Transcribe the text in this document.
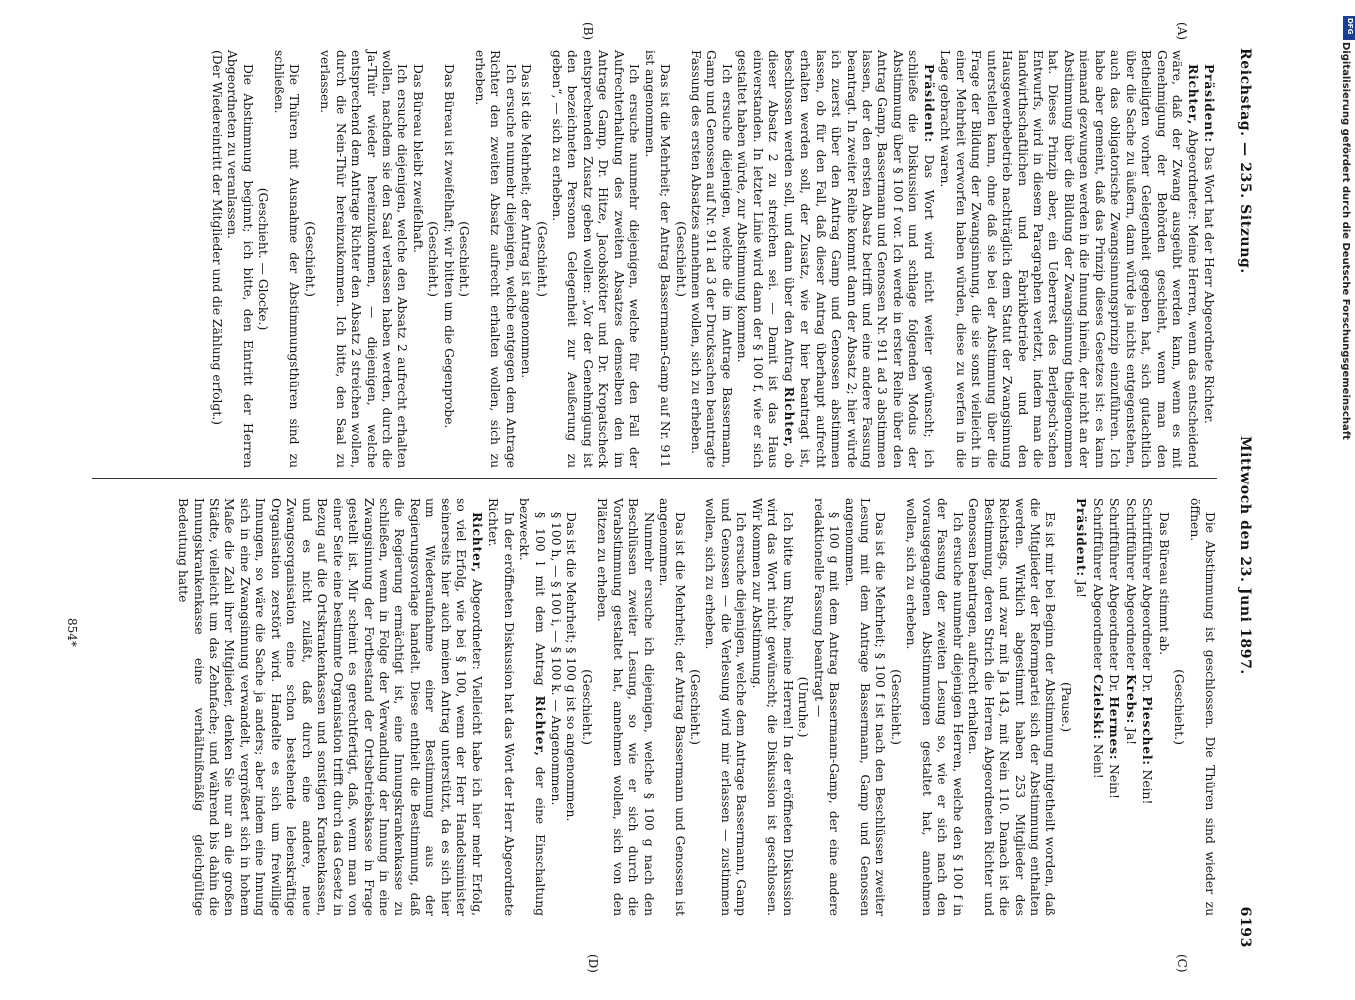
Reichstag. — 235. Sitzung.
Mittwoch den 23. Juni 1897.
6193
(A)
(B)
(C)
(D)

Präsident: Das Wort hat der Herr Abgeordnete Richter.

Richter, Abgeordneter: Meine Herren, wenn das entscheidend wäre, daß der Zwang ausgeübt werden kann, wenn es mit Genehmigung der Behörden geschieht, wenn man den Betheiligten vorher Gelegenheit gegeben hat, sich gutachtlich über die Sache zu äußern, dann würde ja nichts entgegenstehen, auch das obligatorische Zwangsinnungsprinzip einzuführen. Ich habe aber gemeint, daß das Prinzip dieses Gesetzes ist: es kann niemand gezwungen werden in die Innung hinein, der nicht an der Abstimmung über die Bildung der Zwangsinnung theilgenommen hat. Dieses Prinzip aber, ein Ueberrest des Berlepsch'schen Entwurfs, wird in diesem Paragraphen verletzt, indem man die landwirthschaftlichen und Fabrikbetriebe und den Hausgewerbebetrieb nachträglich dem Statut der Zwangsinnung unterstellen kann, ohne daß sie bei der Abstimmung über die Frage der Bildung der Zwangsinnung, die sie sonst vielleicht in einer Mehrheit verworfen haben würden, diese zu werfen in die Lage gebracht waren.

Präsident: Das Wort wird nicht weiter gewünscht; ich schließe die Diskussion und schlage folgenden Modus der Abstimmung über § 100 f vor. Ich werde in erster Reihe über den Antrag Gamp, Bassermann und Genossen Nr. 911 ad 3 abstimmen lassen, der den ersten Absatz betrifft und eine andere Fassung beantragt. In zweiter Reihe kommt dann der Absatz 2; hier würde ich zuerst über den Antrag Gamp und Genossen abstimmen lassen, ob für den Fall, daß dieser Antrag überhaupt aufrecht erhalten werden soll, der Zusatz, wie er hier beantragt ist, beschlossen werden soll, und dann über den Antrag Richter, ob dieser Absatz 2 zu streichen sei. — Damit ist das Haus einverstanden. In letzter Linie wird dann der § 100 f, wie er sich gestaltet haben würde, zur Abstimmung kommen.

Ich ersuche diejenigen, welche die im Antrage Bassermann, Gamp und Genossen auf Nr. 911 ad 3 der Drucksachen beantragte Fassung des ersten Absatzes annehmen wollen, sich zu erheben.

(Geschieht.)

Das ist die Mehrheit; der Antrag Bassermann-Gamp auf Nr. 911 ist angenommen.

Ich ersuche nunmehr diejenigen, welche für den Fall der Aufrechterhaltung des zweiten Absatzes demselben den im Antrage Gamp, Dr. Hitze, Jacobskötter und Dr. Kropatscheck entsprechenden Zusatz geben wollen: „Vor der Genehmigung ist den bezeichneten Personen Gelegenheit zur Aeußerung zu geben“, — sich zu erheben.

(Geschieht.)

Das ist die Mehrheit; der Antrag ist angenommen.

Ich ersuche nunmehr diejenigen, welche entgegen dem Antrage Richter den zweiten Absatz aufrecht erhalten wollen, sich zu erheben.

(Geschieht.)

Das Büreau ist zweifelhaft; wir bitten um die Gegenprobe.

(Geschieht.)

Das Büreau bleibt zweifelhaft.

Ich ersuche diejenigen, welche den Absatz 2 aufrecht erhalten wollen, nachdem sie den Saal verlassen haben werden, durch die Ja-Thür wieder hereinzukommen, — diejenigen, welche entsprechend dem Antrage Richter den Absatz 2 streichen wollen, durch die Nein-Thür hereinzukommen. Ich bitte, den Saal zu verlassen.

(Geschieht.)

Die Thüren mit Ausnahme der Abstimmungsthüren sind zu schließen.

(Geschieht. — Glocke.)

Die Abstimmung beginnt; ich bitte, den Eintritt der Herren Abgeordneten zu veranlassen.

(Der Wiedereintritt der Mitglieder und die Zählung erfolgt.)

Die Abstimmung ist geschlossen. Die Thüren sind wieder zu öffnen.

(Geschieht.)

Das Büreau stimmt ab.

Schriftführer Abgeordneter Dr. Pieschel: Nein!

Schriftführer Abgeordneter Krebs: Ja!

Schriftführer Abgeordneter Dr. Hermes: Nein!

Schriftführer Abgeordneter Czielski: Nein!

Präsident: Ja!

(Pause.)

Es ist mir bei Beginn der Abstimmung mitgetheilt worden, daß die Mitglieder der Reformpartei sich der Abstimmung enthalten werden. Wirklich abgestimmt haben 253 Mitglieder des Reichstags, und zwar mit Ja 143, mit Nein 110. Danach ist die Bestimmung, deren Strich die Herren Abgeordneten Richter und Genossen beantragen, aufrecht erhalten.

Ich ersuche nunmehr diejenigen Herren, welche den § 100 f in der Fassung der zweiten Lesung so, wie er sich nach den vorausgegangenen Abstimmungen gestaltet hat, annehmen wollen, sich zu erheben.

(Geschieht.)

Das ist die Mehrheit; § 100 f ist nach den Beschlüssen zweiter Lesung mit dem Antrage Bassermann, Gamp und Genossen angenommen.

§ 100 g mit dem Antrag Bassermann-Gamp, der eine andere redaktionelle Fassung beantragt —

(Unruhe.)

Ich bitte um Ruhe, meine Herren! In der eröffneten Diskussion wird das Wort nicht gewünscht; die Diskussion ist geschlossen. Wir kommen zur Abstimmung.

Ich ersuche diejenigen, welche dem Antrage Bassermann, Gamp und Genossen — die Verlesung wird mir erlassen — zustimmen wollen, sich zu erheben.

(Geschieht.)

Das ist die Mehrheit; der Antrag Bassermann und Genossen ist angenommen.

Nunmehr ersuche ich diejenigen, welche § 100 g nach den Beschlüssen zweiter Lesung, so wie er sich durch die Vorabstimmung gestaltet hat, annehmen wollen, sich von den Plätzen zu erheben.

(Geschieht.)

Das ist die Mehrheit; § 100 g ist so angenommen.

§ 100 h, — § 100 i, — § 100 k. — Angenommen.

§ 100 l mit dem Antrag Richter, der eine Einschaltung bezweckt.

In der eröffneten Diskussion hat das Wort der Herr Abgeordnete Richter.

Richter, Abgeordneter: Vielleicht habe ich hier mehr Erfolg, so viel Erfolg, wie bei § 100, wenn der Herr Handelsminister seinerseits hier auch meinen Antrag unterstützt, da es sich hier um Wiederaufnahme einer Bestimmung aus der Regierungsvorlage handelt. Diese enthielt die Bestimmung, daß die Regierung ermächtigt ist, eine Innungskrankenkasse zu schließen, wenn in Folge der Verwandlung der Innung in eine Zwangsinnung der Fortbestand der Ortsbetriebskasse in Frage gestellt ist. Mir scheint es gerechtfertigt, daß, wenn man von einer Seite eine bestimmte Organisation trifft durch das Gesetz in Bezug auf die Ortskrankenkassen und sonstigen Krankenkassen, und es nicht zuläßt, daß durch eine andere, neue Zwangsorganisation eine schon bestehende lebenskräftige Organisation zerstört wird. Handelte es sich um freiwillige Innungen, so wäre die Sache ja anders; aber indem eine Innung sich in eine Zwangsinnung verwandelt, vergrößert sich in hohem Maße die Zahl ihrer Mitglieder, denken Sie nur an die großen Städte, vielleicht um das Zehnfache; und während bis dahin die Innungskrankenkasse eine verhältnißmäßig gleichgültige Bedeutung hatte

854*
DFG
Digitalisierung gefördert durch die Deutsche Forschungsgemeinschaft
